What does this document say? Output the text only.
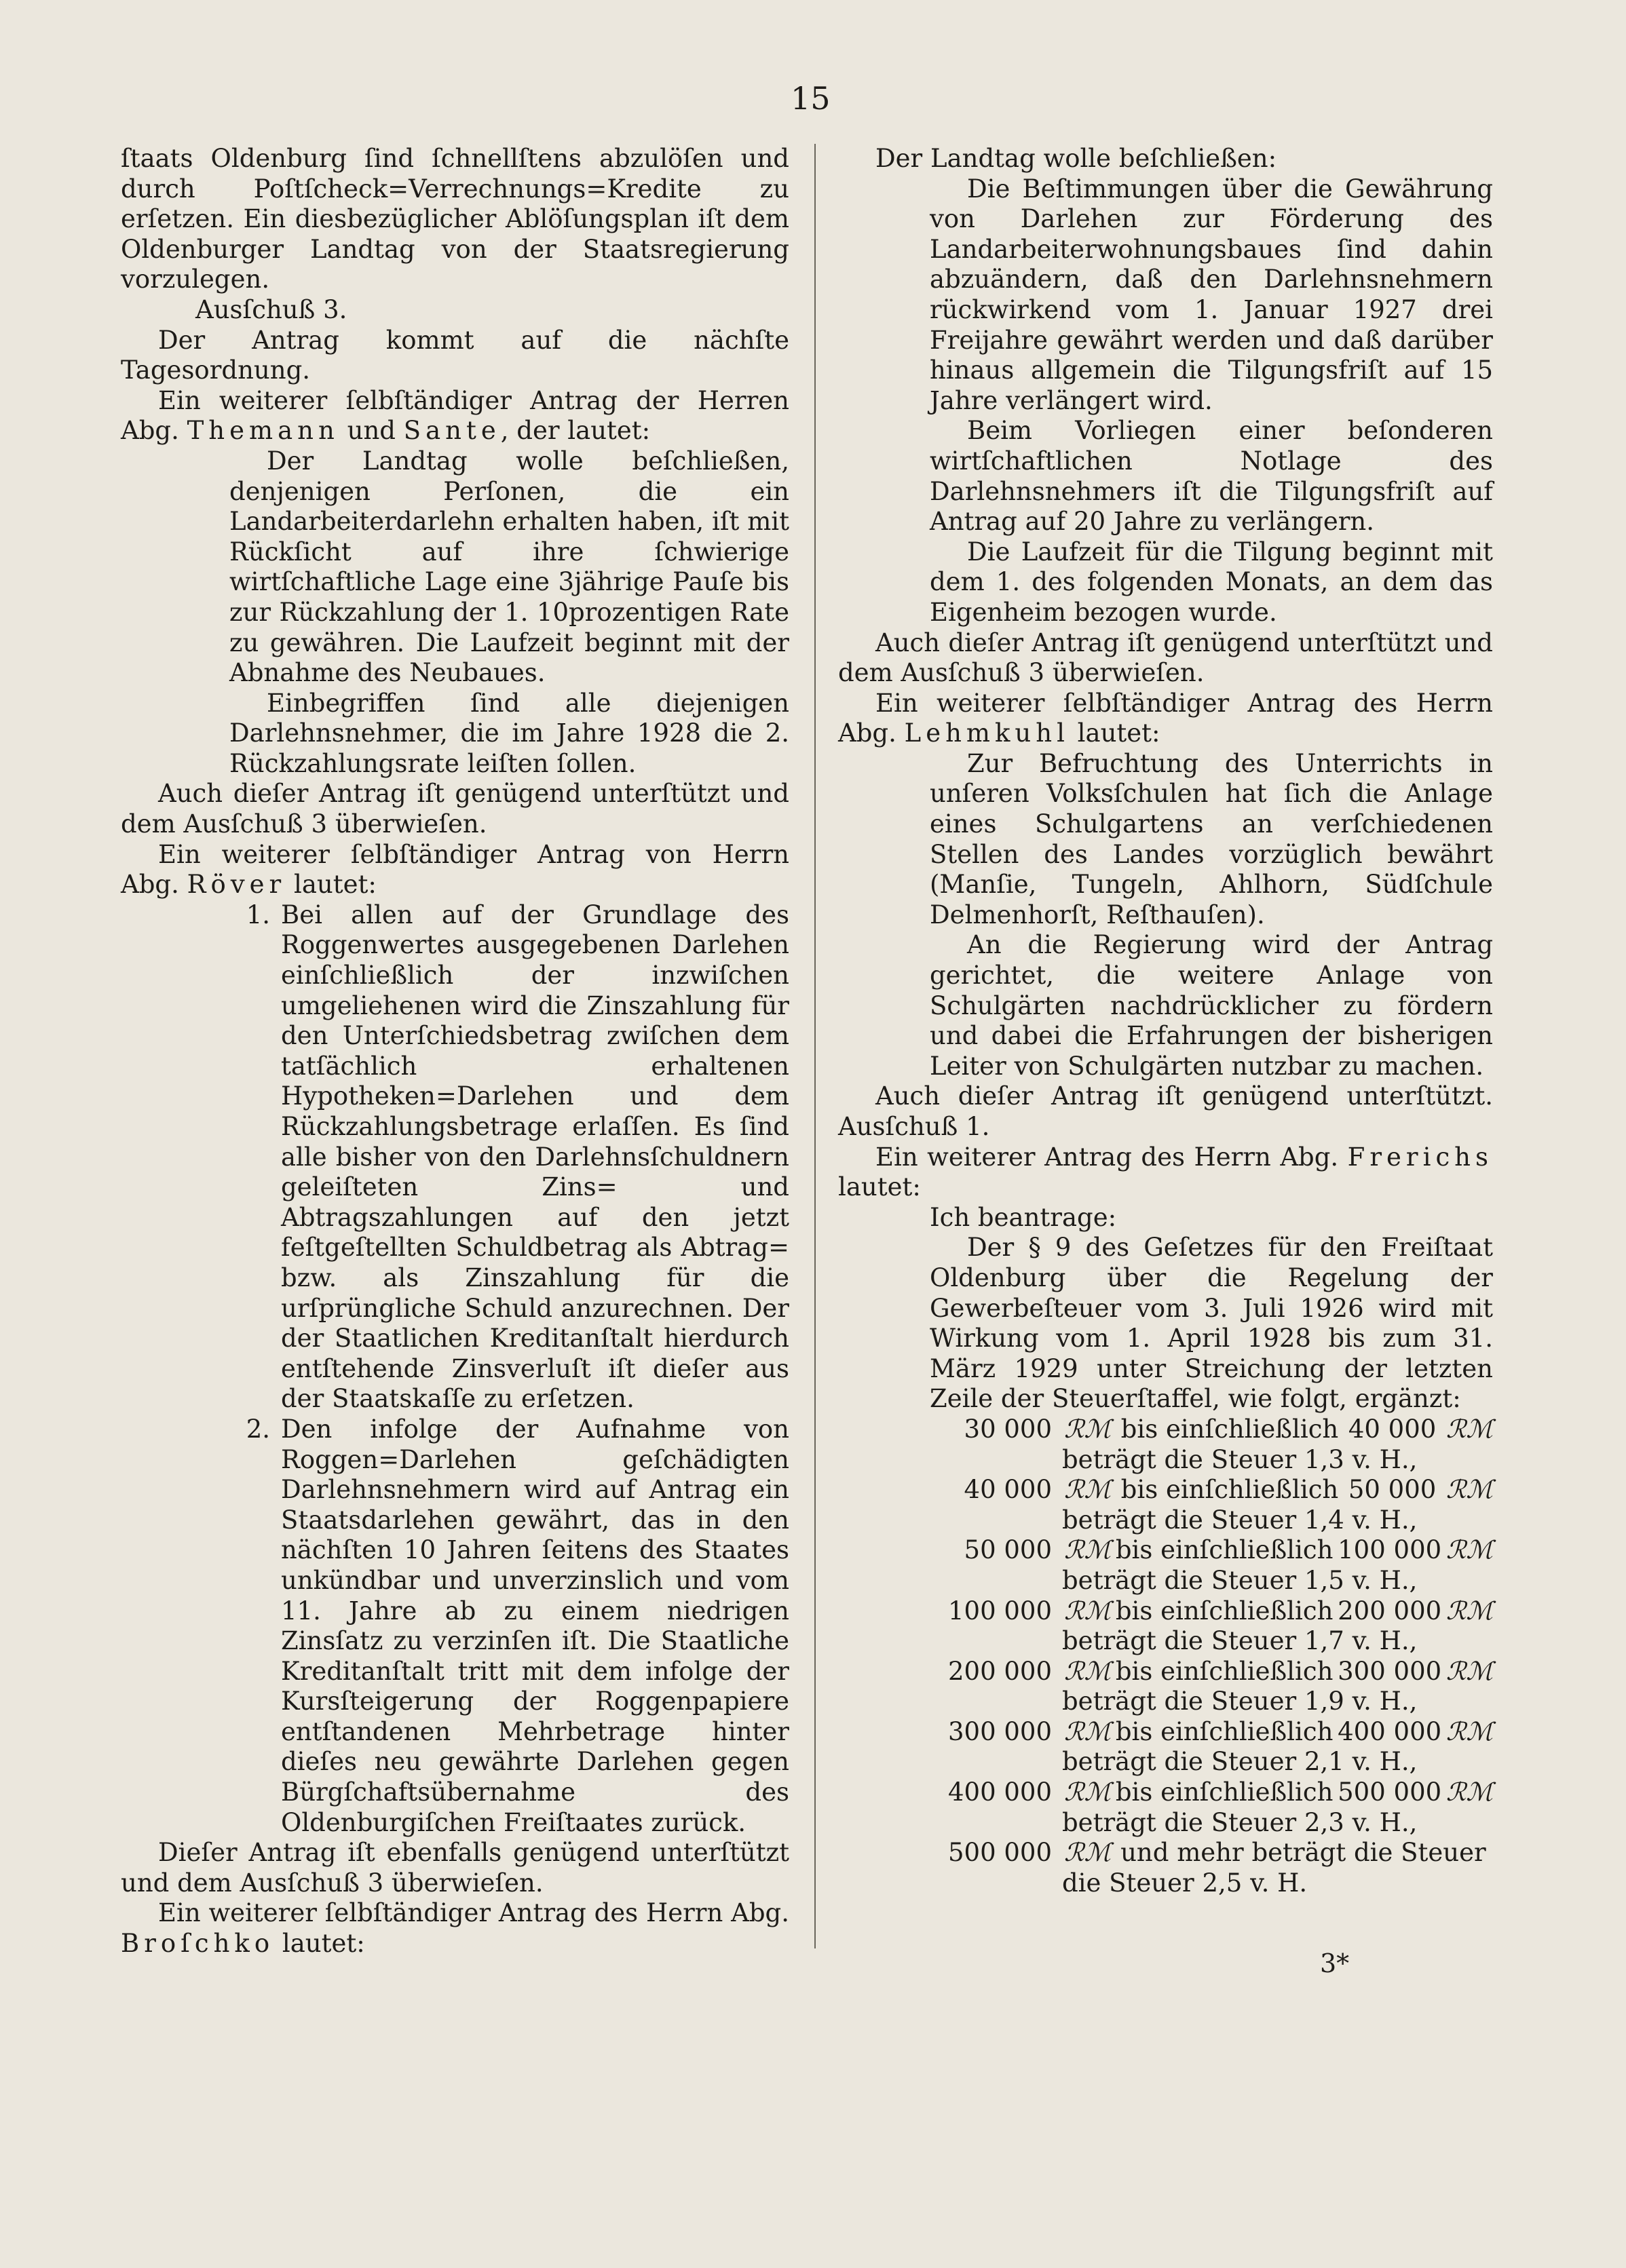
15

ſtaats Oldenburg ſind ſchnellſtens abzulöſen und durch Poſtſcheck=Verrechnungs=Kredite zu erſetzen. Ein diesbezüglicher Ablöſungsplan iſt dem Oldenburger Landtag von der Staatsregierung vorzulegen.

Ausſchuß 3.

Der Antrag kommt auf die nächſte Tagesordnung.

Ein weiterer ſelbſtändiger Antrag der Herren Abg. Themann und Sante, der lautet:

Der Landtag wolle beſchließen, denjenigen Perſonen, die ein Landarbeiterdarlehn erhalten haben, iſt mit Rückſicht auf ihre ſchwierige wirtſchaftliche Lage eine 3jährige Pauſe bis zur Rückzahlung der 1. 10prozentigen Rate zu gewähren. Die Laufzeit beginnt mit der Abnahme des Neubaues.

Einbegriffen ſind alle diejenigen Darlehnsnehmer, die im Jahre 1928 die 2. Rückzahlungsrate leiſten ſollen.

Auch dieſer Antrag iſt genügend unterſtützt und dem Ausſchuß 3 überwieſen.

Ein weiterer ſelbſtändiger Antrag von Herrn Abg. Röver lautet:

1. Bei allen auf der Grundlage des Roggenwertes ausgegebenen Darlehen einſchließlich der inzwiſchen umgeliehenen wird die Zinszahlung für den Unterſchiedsbetrag zwiſchen dem tatſächlich erhaltenen Hypotheken=Darlehen und dem Rückzahlungsbetrage erlaſſen. Es ſind alle bisher von den Darlehnsſchuldnern geleiſteten Zins= und Abtragszahlungen auf den jetzt feſtgeſtellten Schuldbetrag als Abtrag= bzw. als Zinszahlung für die urſprüngliche Schuld anzurechnen. Der der Staatlichen Kreditanſtalt hierdurch entſtehende Zinsverluſt iſt dieſer aus der Staatskaſſe zu erſetzen.
2. Den infolge der Aufnahme von Roggen=Darlehen geſchädigten Darlehnsnehmern wird auf Antrag ein Staatsdarlehen gewährt, das in den nächſten 10 Jahren ſeitens des Staates unkündbar und unverzinslich und vom 11. Jahre ab zu einem niedrigen Zinsſatz zu verzinſen iſt. Die Staatliche Kreditanſtalt tritt mit dem infolge der Kursſteigerung der Roggenpapiere entſtandenen Mehrbetrage hinter dieſes neu gewährte Darlehen gegen Bürgſchaftsübernahme des Oldenburgiſchen Freiſtaates zurück.

Dieſer Antrag iſt ebenfalls genügend unterſtützt und dem Ausſchuß 3 überwieſen.

Ein weiterer ſelbſtändiger Antrag des Herrn Abg. Broſchko lautet:

Der Landtag wolle beſchließen:

Die Beſtimmungen über die Gewährung von Darlehen zur Förderung des Landarbeiterwohnungsbaues ſind dahin abzuändern, daß den Darlehnsnehmern rückwirkend vom 1. Januar 1927 drei Freijahre gewährt werden und daß darüber hinaus allgemein die Tilgungsfriſt auf 15 Jahre verlängert wird.

Beim Vorliegen einer beſonderen wirtſchaftlichen Notlage des Darlehnsnehmers iſt die Tilgungsfriſt auf Antrag auf 20 Jahre zu verlängern.

Die Laufzeit für die Tilgung beginnt mit dem 1. des folgenden Monats, an dem das Eigenheim bezogen wurde.

Auch dieſer Antrag iſt genügend unterſtützt und dem Ausſchuß 3 überwieſen.

Ein weiterer ſelbſtändiger Antrag des Herrn Abg. Lehmkuhl lautet:

Zur Befruchtung des Unterrichts in unſeren Volksſchulen hat ſich die Anlage eines Schulgartens an verſchiedenen Stellen des Landes vorzüglich bewährt (Manſie, Tungeln, Ahlhorn, Südſchule Delmenhorſt, Reſthauſen).

An die Regierung wird der Antrag gerichtet, die weitere Anlage von Schulgärten nachdrücklicher zu fördern und dabei die Erfahrungen der bisherigen Leiter von Schulgärten nutzbar zu machen.

Auch dieſer Antrag iſt genügend unterſtützt. Ausſchuß 1.

Ein weiterer Antrag des Herrn Abg. Frerichs lautet:

Ich beantrage:

Der § 9 des Geſetzes für den Freiſtaat Oldenburg über die Regelung der Gewerbeſteuer vom 3. Juli 1926 wird mit Wirkung vom 1. April 1928 bis zum 31. März 1929 unter Streichung der letzten Zeile der Steuerſtaffel, wie folgt, ergänzt:

30 000 ℛℳ bis einſchließlich 40 000 ℛℳ
beträgt die Steuer 1,3 v. H.,
40 000 ℛℳ bis einſchließlich 50 000 ℛℳ
beträgt die Steuer 1,4 v. H.,
50 000 ℛℳ bis einſchließlich 100 000 ℛℳ
beträgt die Steuer 1,5 v. H.,
100 000 ℛℳ bis einſchließlich 200 000 ℛℳ
beträgt die Steuer 1,7 v. H.,
200 000 ℛℳ bis einſchließlich 300 000 ℛℳ
beträgt die Steuer 1,9 v. H.,
300 000 ℛℳ bis einſchließlich 400 000 ℛℳ
beträgt die Steuer 2,1 v. H.,
400 000 ℛℳ bis einſchließlich 500 000 ℛℳ
beträgt die Steuer 2,3 v. H.,
500 000 ℛℳ und mehr beträgt die Steuer
die Steuer 2,5 v. H.
3*
